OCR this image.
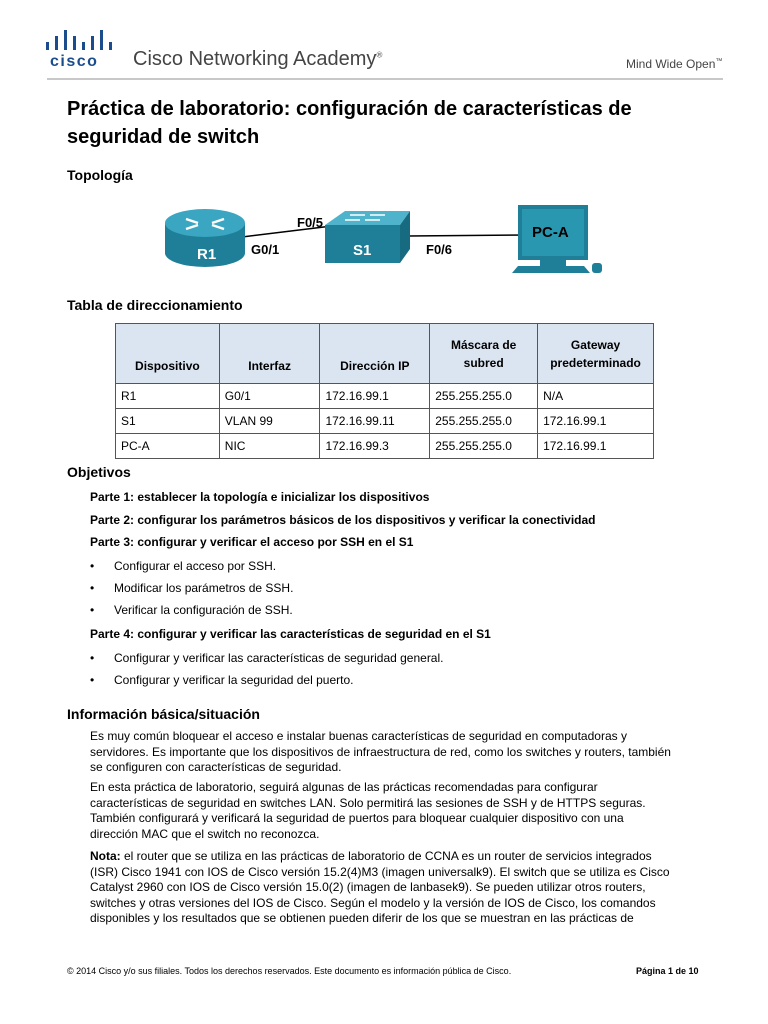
cisco Cisco Networking Academy®
Mind Wide Open™
Práctica de laboratorio: configuración de características de
seguridad de switch
Topología
R1	S1
PC-A
G0/1
F0/5
F0/6
Tabla de direccionamiento
Dispositivo	Interfaz	Dirección IP	Máscara de subred	Gateway predeterminado
R1	G0/1	172.16.99.1	255.255.255.0	N/A
S1	VLAN 99	172.16.99.11	255.255.255.0	172.16.99.1
PC-A	NIC	172.16.99.3	255.255.255.0	172.16.99.1
Objetivos
Parte 1: establecer la topología e inicializar los dispositivos
Parte 2: configurar los parámetros básicos de los dispositivos y verificar la conectividad
Parte 3: configurar y verificar el acceso por SSH en el S1
• Configurar el acceso por SSH.
• Modificar los parámetros de SSH.
• Verificar la configuración de SSH.
Parte 4: configurar y verificar las características de seguridad en el S1
• Configurar y verificar las características de seguridad general.
• Configurar y verificar la seguridad del puerto.
Información básica/situación
Es muy común bloquear el acceso e instalar buenas características de seguridad en computadoras y
servidores. Es importante que los dispositivos de infraestructura de red, como los switches y routers, también
se configuren con características de seguridad.
En esta práctica de laboratorio, seguirá algunas de las prácticas recomendadas para configurar
características de seguridad en switches LAN. Solo permitirá las sesiones de SSH y de HTTPS seguras.
También configurará y verificará la seguridad de puertos para bloquear cualquier dispositivo con una
dirección MAC que el switch no reconozca.
Nota: el router que se utiliza en las prácticas de laboratorio de CCNA es un router de servicios integrados
(ISR) Cisco 1941 con IOS de Cisco versión 15.2(4)M3 (imagen universalk9). El switch que se utiliza es Cisco
Catalyst 2960 con IOS de Cisco versión 15.0(2) (imagen de lanbasek9). Se pueden utilizar otros routers,
switches y otras versiones del IOS de Cisco. Según el modelo y la versión de IOS de Cisco, los comandos
disponibles y los resultados que se obtienen pueden diferir de los que se muestran en las prácticas de
© 2014 Cisco y/o sus filiales. Todos los derechos reservados. Este documento es información pública de Cisco.	Página 1 de 10
